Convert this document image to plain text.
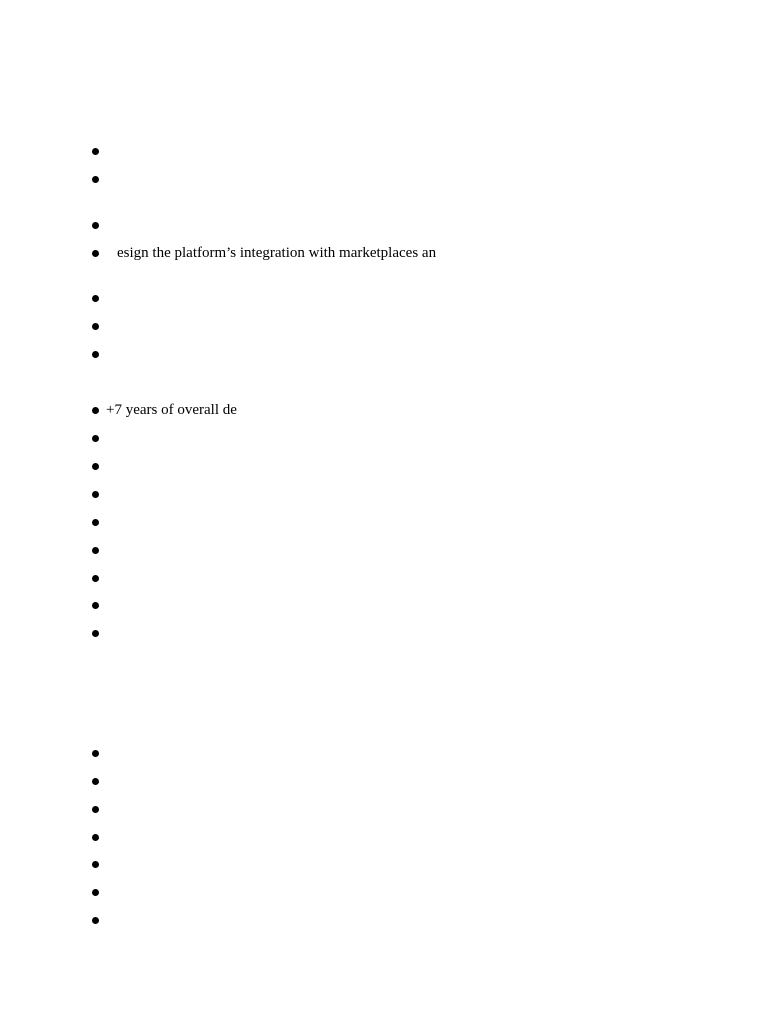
esign the platform’s integration with marketplaces an
+7 years of overall de
